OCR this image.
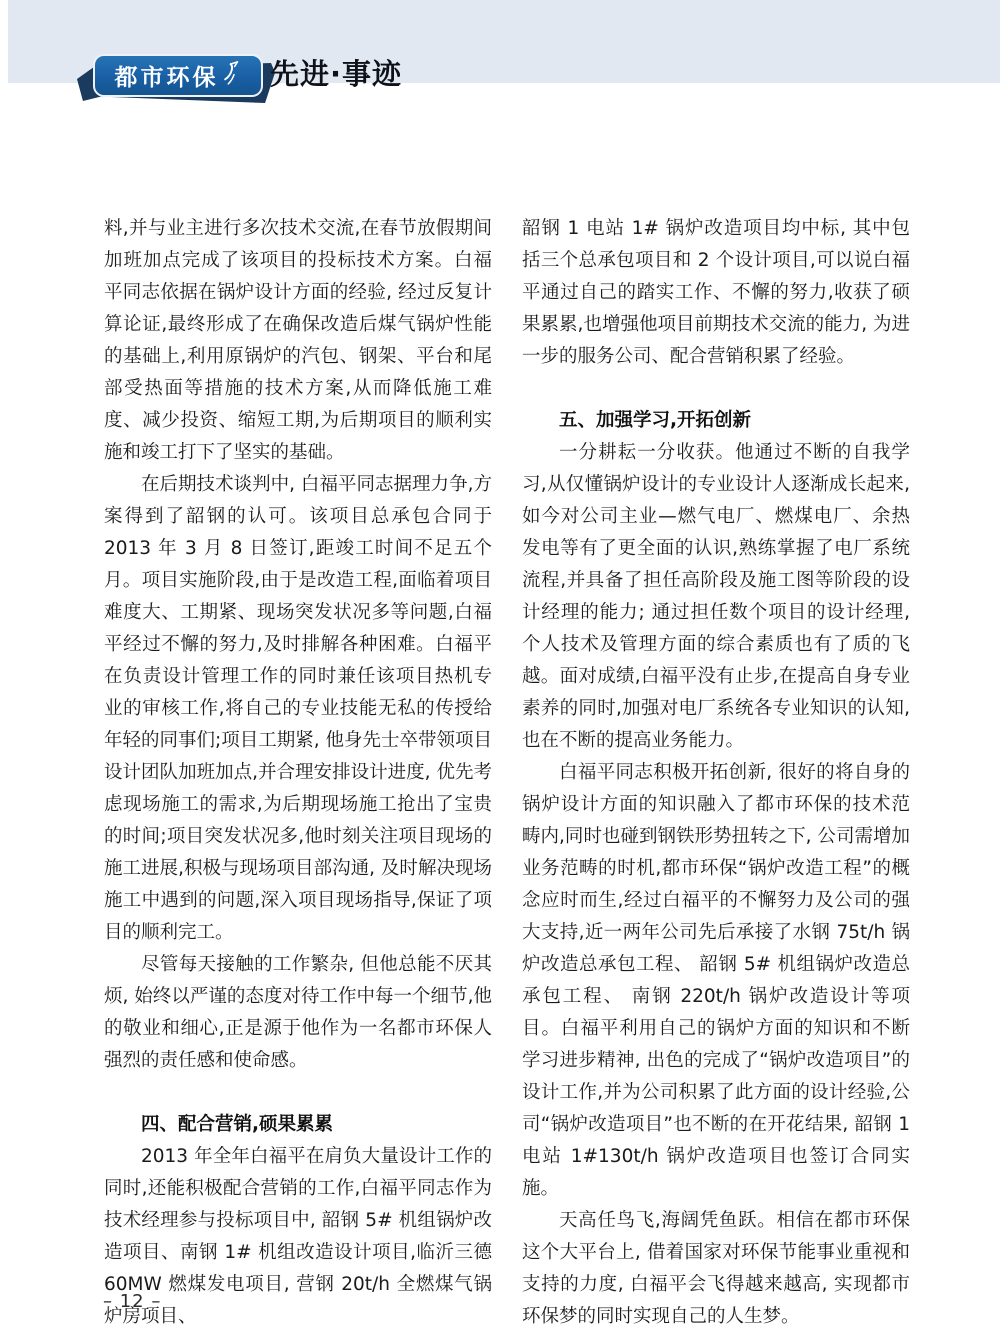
都市环保 先进·事迹

料,并与业主进行多次技术交流,在春节放假期间加班加点完成了该项目的投标技术方案。白福平同志依据在锅炉设计方面的经验, 经过反复计算论证,最终形成了在确保改造后煤气锅炉性能的基础上,利用原锅炉的汽包、钢架、平台和尾部受热面等措施的技术方案,从而降低施工难度、减少投资、缩短工期,为后期项目的顺利实施和竣工打下了坚实的基础。

在后期技术谈判中, 白福平同志据理力争,方案得到了韶钢的认可。该项目总承包合同于 2013 年 3 月 8 日签订,距竣工时间不足五个月。项目实施阶段,由于是改造工程,面临着项目难度大、工期紧、现场突发状况多等问题,白福平经过不懈的努力,及时排解各种困难。白福平在负责设计管理工作的同时兼任该项目热机专业的审核工作,将自己的专业技能无私的传授给年轻的同事们;项目工期紧, 他身先士卒带领项目设计团队加班加点,并合理安排设计进度, 优先考虑现场施工的需求,为后期现场施工抢出了宝贵的时间;项目突发状况多,他时刻关注项目现场的施工进展,积极与现场项目部沟通, 及时解决现场施工中遇到的问题,深入项目现场指导,保证了项目的顺利完工。

尽管每天接触的工作繁杂, 但他总能不厌其烦, 始终以严谨的态度对待工作中每一个细节,他的敬业和细心,正是源于他作为一名都市环保人强烈的责任感和使命感。

四、配合营销,硕果累累

2013 年全年白福平在肩负大量设计工作的同时,还能积极配合营销的工作,白福平同志作为技术经理参与投标项目中, 韶钢 5# 机组锅炉改造项目、南钢 1# 机组改造设计项目,临沂三德 60MW 燃煤发电项目, 营钢 20t/h 全燃煤气锅炉房项目、

韶钢 1 电站 1# 锅炉改造项目均中标, 其中包括三个总承包项目和 2 个设计项目,可以说白福平通过自己的踏实工作、不懈的努力,收获了硕果累累,也增强他项目前期技术交流的能力, 为进一步的服务公司、配合营销积累了经验。

五、加强学习,开拓创新

一分耕耘一分收获。他通过不断的自我学习,从仅懂锅炉设计的专业设计人逐渐成长起来, 如今对公司主业—燃气电厂、燃煤电厂、余热发电等有了更全面的认识,熟练掌握了电厂系统流程,并具备了担任高阶段及施工图等阶段的设计经理的能力; 通过担任数个项目的设计经理, 个人技术及管理方面的综合素质也有了质的飞越。面对成绩,白福平没有止步,在提高自身专业素养的同时,加强对电厂系统各专业知识的认知,也在不断的提高业务能力。

白福平同志积极开拓创新, 很好的将自身的锅炉设计方面的知识融入了都市环保的技术范畴内,同时也碰到钢铁形势扭转之下, 公司需增加业务范畴的时机,都市环保“锅炉改造工程”的概念应时而生,经过白福平的不懈努力及公司的强大支持,近一两年公司先后承接了水钢 75t/h 锅炉改造总承包工程、 韶钢 5# 机组锅炉改造总承包工程、 南钢 220t/h 锅炉改造设计等项目。白福平利用自己的锅炉方面的知识和不断学习进步精神, 出色的完成了“锅炉改造项目”的设计工作,并为公司积累了此方面的设计经验,公司“锅炉改造项目”也不断的在开花结果, 韶钢 1 电站 1#130t/h 锅炉改造项目也签订合同实施。

天高任鸟飞,海阔凭鱼跃。相信在都市环保这个大平台上, 借着国家对环保节能事业重视和支持的力度, 白福平会飞得越来越高, 实现都市环保梦的同时实现自己的人生梦。

– 12 –
